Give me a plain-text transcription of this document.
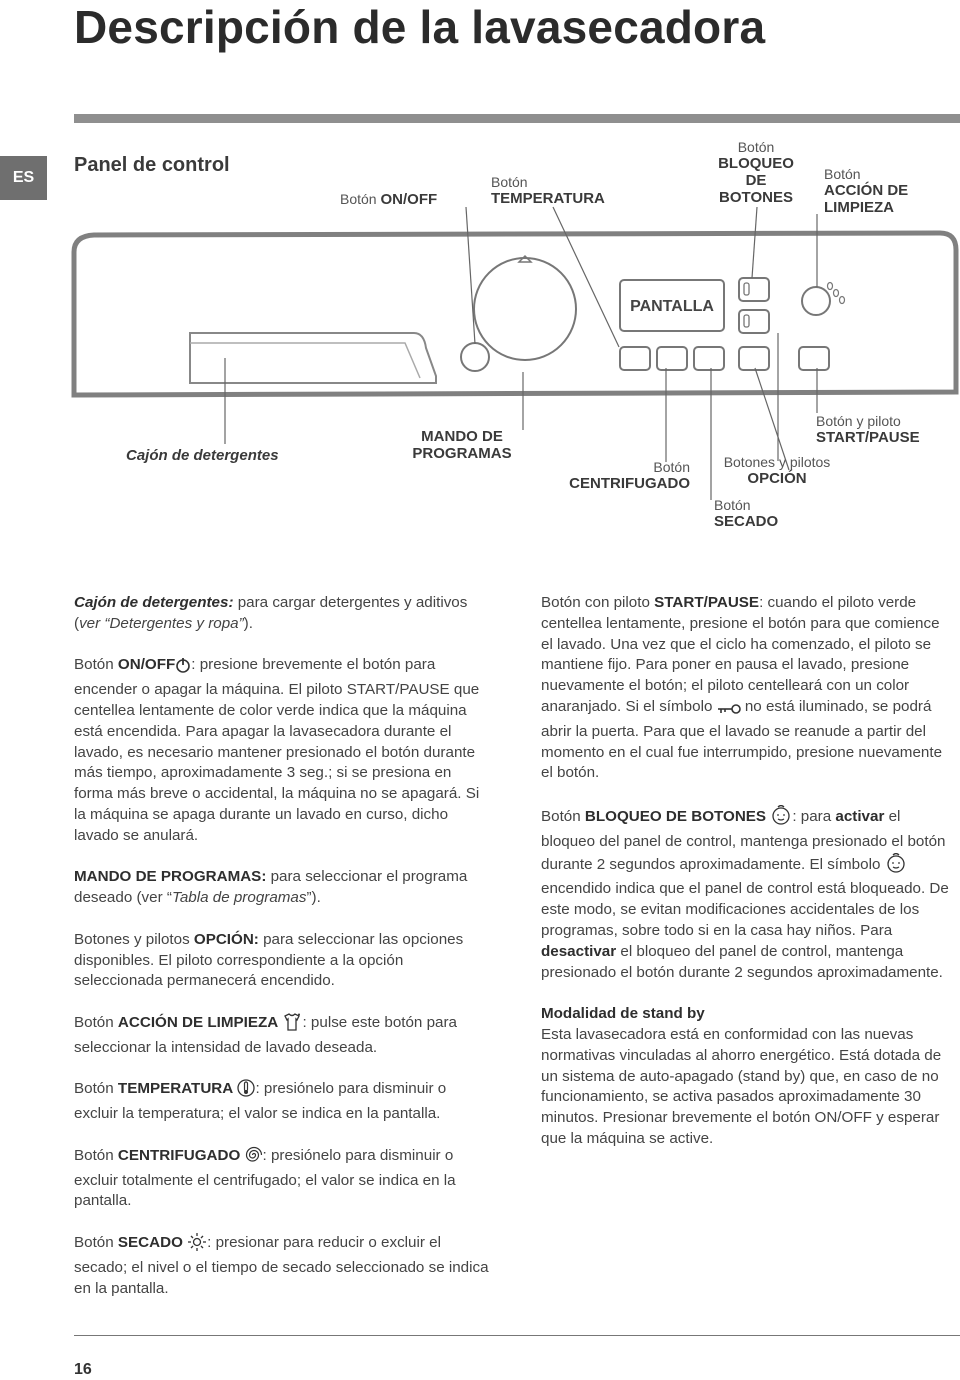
Descripción de la lavasecadora
ES
Panel de control
PANTALLA
Botón ON/OFF
Botón
TEMPERATURA
Botón
BLOQUEO
DE
BOTONES
Botón
ACCIÓN DE
LIMPIEZA
Cajón de detergentes
MANDO DE
PROGRAMAS
Botón
CENTRIFUGADO
Botones y pilotos
OPCIÓN
Botón y piloto
START/PAUSE
Botón
SECADO

Cajón de detergentes: para cargar detergentes y aditivos (ver “Detergentes y ropa”).

Botón ON/OFF : presione brevemente el botón para encender o apagar la máquina. El piloto START/PAUSE que centellea lentamente de color verde indica que la máquina está encendida. Para apagar la lavasecadora durante el lavado, es necesario mantener presionado el botón durante más tiempo, aproximadamente 3 seg.; si se presiona en forma más breve o accidental, la máquina no se apagará. Si la máquina se apaga durante un lavado en curso, dicho lavado se anulará.

MANDO DE PROGRAMAS: para seleccionar el programa deseado (ver “Tabla de programas”).

Botones y pilotos OPCIÓN: para seleccionar las opciones disponibles. El piloto correspondiente a la opción seleccionada permanecerá encendido.

Botón ACCIÓN DE LIMPIEZA : pulse este botón para seleccionar la intensidad de lavado deseada.

Botón TEMPERATURA : presiónelo para disminuir o excluir la temperatura; el valor se indica en la pantalla.

Botón CENTRIFUGADO : presiónelo para disminuir o excluir totalmente el centrifugado; el valor se indica en la pantalla.

Botón SECADO : presionar para reducir o excluir el secado; el nivel o el tiempo de secado seleccionado se indica en la pantalla.

Botón con piloto START/PAUSE: cuando el piloto verde centellea lentamente, presione el botón para que comience el lavado. Una vez que el ciclo ha comenzado, el piloto se mantiene fijo. Para poner en pausa el lavado, presione nuevamente el botón; el piloto centelleará con un color anaranjado. Si el símbolo  no está iluminado, se podrá abrir la puerta. Para que el lavado se reanude a partir del momento en el cual fue interrumpido, presione nuevamente el botón.

Botón BLOQUEO DE BOTONES : para activar el bloqueo del panel de control, mantenga presionado el botón durante 2 segundos aproximadamente. El símbolo  encendido indica que el panel de control está bloqueado. De este modo, se evitan modificaciones accidentales de los programas, sobre todo si en la casa hay niños. Para desactivar el bloqueo del panel de control, mantenga presionado el botón durante 2 segundos aproximadamente.

Modalidad de stand by
Esta lavasecadora está en conformidad con las nuevas normativas vinculadas al ahorro energético. Está dotada de un sistema de auto-apagado (stand by) que, en caso de no funcionamiento, se activa pasados aproximadamente 30 minutos. Presionar brevemente el botón ON/OFF y esperar que la máquina se active.

16
